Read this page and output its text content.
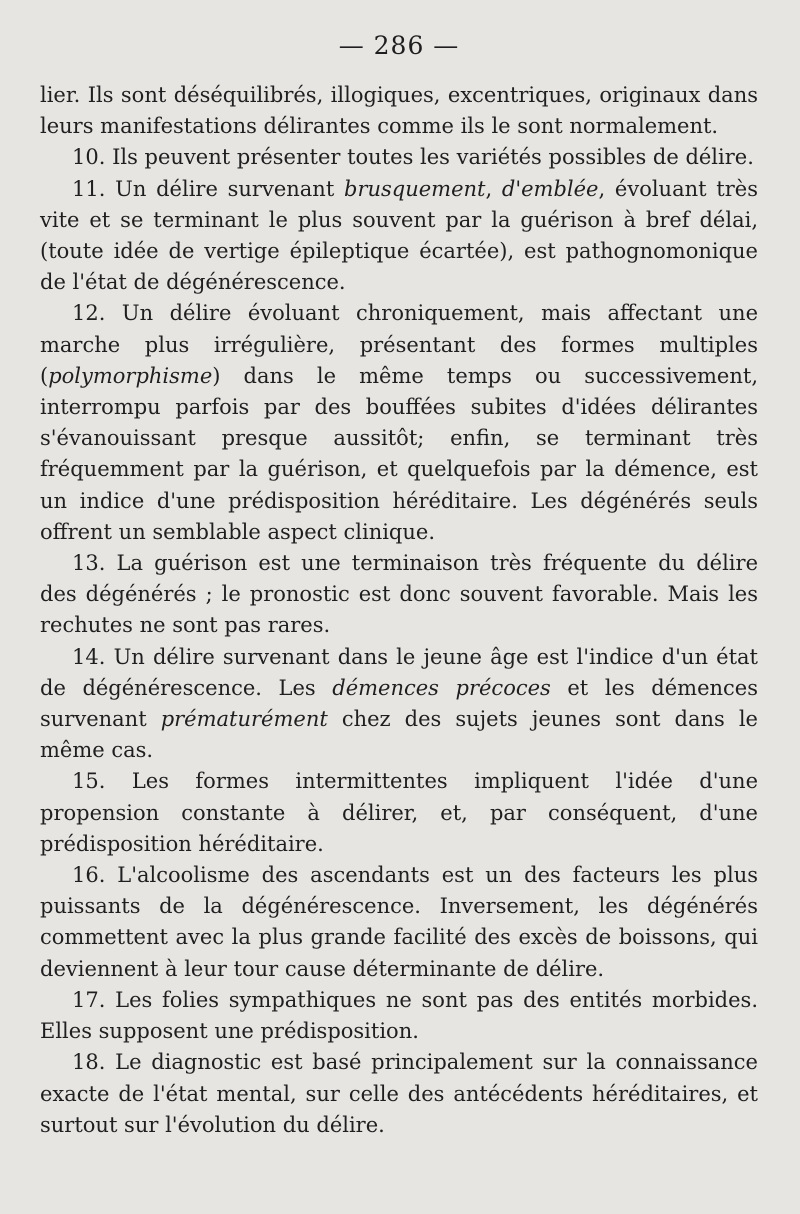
— 286 —

lier. Ils sont déséquilibrés, illogiques, excentriques, originaux dans leurs manifestations délirantes comme ils le sont normalement.

10. Ils peuvent présenter toutes les variétés possibles de délire.

11. Un délire survenant brusquement, d'emblée, évoluant très vite et se terminant le plus souvent par la guérison à bref délai, (toute idée de vertige épileptique écartée), est pathognomonique de l'état de dégénérescence.

12. Un délire évoluant chroniquement, mais affectant une marche plus irrégulière, présentant des formes multiples (polymorphisme) dans le même temps ou successivement, interrompu parfois par des bouffées subites d'idées délirantes s'évanouissant presque aussitôt; enfin, se terminant très fréquemment par la guérison, et quelquefois par la démence, est un indice d'une prédisposition héréditaire. Les dégénérés seuls offrent un semblable aspect clinique.

13. La guérison est une terminaison très fréquente du délire des dégénérés ; le pronostic est donc souvent favorable. Mais les rechutes ne sont pas rares.

14. Un délire survenant dans le jeune âge est l'indice d'un état de dégénérescence. Les démences précoces et les démences survenant prématurément chez des sujets jeunes sont dans le même cas.

15. Les formes intermittentes impliquent l'idée d'une propension constante à délirer, et, par conséquent, d'une prédisposition héréditaire.

16. L'alcoolisme des ascendants est un des facteurs les plus puissants de la dégénérescence. Inversement, les dégénérés commettent avec la plus grande facilité des excès de boissons, qui deviennent à leur tour cause déterminante de délire.

17. Les folies sympathiques ne sont pas des entités morbides. Elles supposent une prédisposition.

18. Le diagnostic est basé principalement sur la connaissance exacte de l'état mental, sur celle des antécédents héréditaires, et surtout sur l'évolution du délire.
